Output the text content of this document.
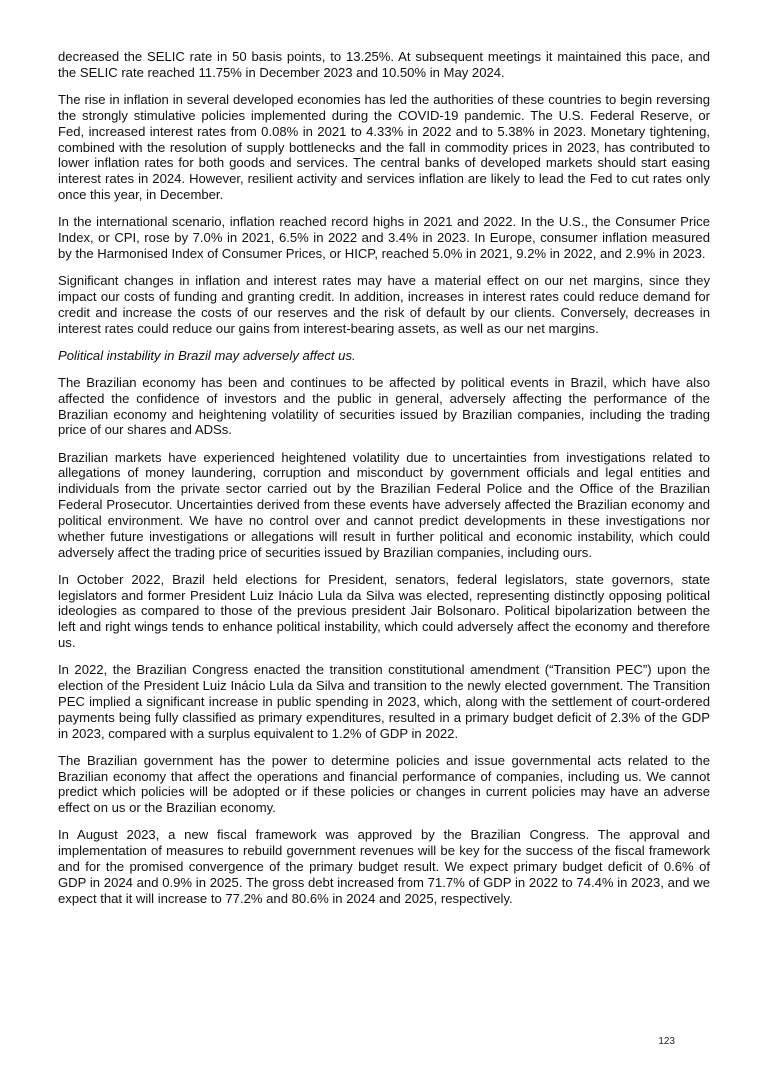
decreased the SELIC rate in 50 basis points, to 13.25%. At subsequent meetings it maintained this pace, and the SELIC rate reached 11.75% in December 2023 and 10.50% in May 2024.

The rise in inflation in several developed economies has led the authorities of these countries to begin reversing the strongly stimulative policies implemented during the COVID-19 pandemic. The U.S. Federal Reserve, or Fed, increased interest rates from 0.08% in 2021 to 4.33% in 2022 and to 5.38% in 2023. Monetary tightening, combined with the resolution of supply bottlenecks and the fall in commodity prices in 2023, has contributed to lower inflation rates for both goods and services. The central banks of developed markets should start easing interest rates in 2024. However, resilient activity and services inflation are likely to lead the Fed to cut rates only once this year, in December.

In the international scenario, inflation reached record highs in 2021 and 2022. In the U.S., the Consumer Price Index, or CPI, rose by 7.0% in 2021, 6.5% in 2022 and 3.4% in 2023. In Europe, consumer inflation measured by the Harmonised Index of Consumer Prices, or HICP, reached 5.0% in 2021, 9.2% in 2022, and 2.9% in 2023.

Significant changes in inflation and interest rates may have a material effect on our net margins, since they impact our costs of funding and granting credit. In addition, increases in interest rates could reduce demand for credit and increase the costs of our reserves and the risk of default by our clients. Conversely, decreases in interest rates could reduce our gains from interest-bearing assets, as well as our net margins.

Political instability in Brazil may adversely affect us.

The Brazilian economy has been and continues to be affected by political events in Brazil, which have also affected the confidence of investors and the public in general, adversely affecting the performance of the Brazilian economy and heightening volatility of securities issued by Brazilian companies, including the trading price of our shares and ADSs.

Brazilian markets have experienced heightened volatility due to uncertainties from investigations related to allegations of money laundering, corruption and misconduct by government officials and legal entities and individuals from the private sector carried out by the Brazilian Federal Police and the Office of the Brazilian Federal Prosecutor. Uncertainties derived from these events have adversely affected the Brazilian economy and political environment. We have no control over and cannot predict developments in these investigations nor whether future investigations or allegations will result in further political and economic instability, which could adversely affect the trading price of securities issued by Brazilian companies, including ours.

In October 2022, Brazil held elections for President, senators, federal legislators, state governors, state legislators and former President Luiz Inácio Lula da Silva was elected, representing distinctly opposing political ideologies as compared to those of the previous president Jair Bolsonaro. Political bipolarization between the left and right wings tends to enhance political instability, which could adversely affect the economy and therefore us.

In 2022, the Brazilian Congress enacted the transition constitutional amendment (“Transition PEC”) upon the election of the President Luiz Inácio Lula da Silva and transition to the newly elected government. The Transition PEC implied a significant increase in public spending in 2023, which, along with the settlement of court-ordered payments being fully classified as primary expenditures, resulted in a primary budget deficit of 2.3% of the GDP in 2023, compared with a surplus equivalent to 1.2% of GDP in 2022.

The Brazilian government has the power to determine policies and issue governmental acts related to the Brazilian economy that affect the operations and financial performance of companies, including us. We cannot predict which policies will be adopted or if these policies or changes in current policies may have an adverse effect on us or the Brazilian economy.

In August 2023, a new fiscal framework was approved by the Brazilian Congress. The approval and implementation of measures to rebuild government revenues will be key for the success of the fiscal framework and for the promised convergence of the primary budget result. We expect primary budget deficit of 0.6% of GDP in 2024 and 0.9% in 2025. The gross debt increased from 71.7% of GDP in 2022 to 74.4% in 2023, and we expect that it will increase to 77.2% and 80.6% in 2024 and 2025, respectively.

123
